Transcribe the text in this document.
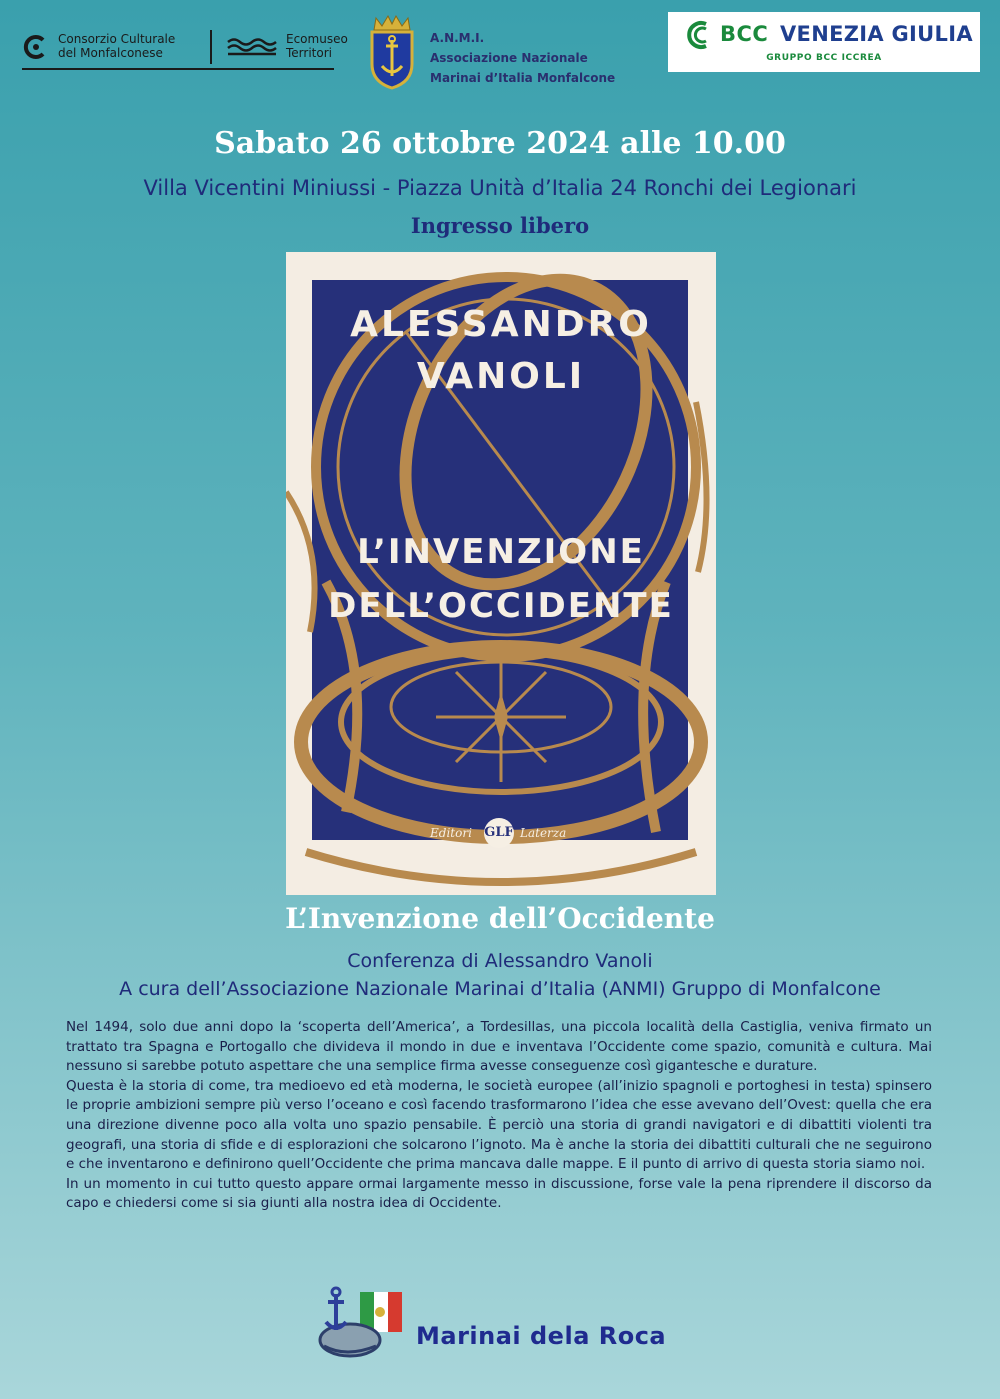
Consorzio Culturale
del Monfalconese
Ecomuseo
Territori
A.N.M.I.
Associazione Nazionale
Marinai d’Italia Monfalcone
BCC VENEZIA GIULIA
GRUPPO BCC ICCREA
Sabato 26 ottobre 2024 alle 10.00
Villa Vicentini Miniussi - Piazza Unità d’Italia 24 Ronchi dei Legionari
Ingresso libero
ALESSANDRO
VANOLI
L’INVENZIONE
DELL’OCCIDENTE
Editori GLF Laterza
L’Invenzione dell’Occidente
Conferenza di Alessandro Vanoli
A cura dell’Associazione Nazionale Marinai d’Italia (ANMI) Gruppo di Monfalcone

Nel 1494, solo due anni dopo la ‘scoperta dell’America’, a Tordesillas, una piccola località della Castiglia, veniva firmato un trattato tra Spagna e Portogallo che divideva il mondo in due e inventava l’Occidente come spazio, comunità e cultura. Mai nessuno si sarebbe potuto aspettare che una semplice firma avesse conseguenze così gigantesche e durature.

Questa è la storia di come, tra medioevo ed età moderna, le società europee (all’inizio spagnoli e portoghesi in testa) spinsero le proprie ambizioni sempre più verso l’oceano e così facendo trasformarono l’idea che esse avevano dell’Ovest: quella che era una direzione divenne poco alla volta uno spazio pensabile. È perciò una storia di grandi navigatori e di dibattiti violenti tra geografi, una storia di sfide e di esplorazioni che solcarono l’ignoto. Ma è anche la storia dei dibattiti culturali che ne seguirono e che inventarono e definirono quell’Occidente che prima mancava dalle mappe. E il punto di arrivo di questa storia siamo noi.

In un momento in cui tutto questo appare ormai largamente messo in discussione, forse vale la pena riprendere il discorso da capo e chiedersi come si sia giunti alla nostra idea di Occidente.

Marinai dela Roca
